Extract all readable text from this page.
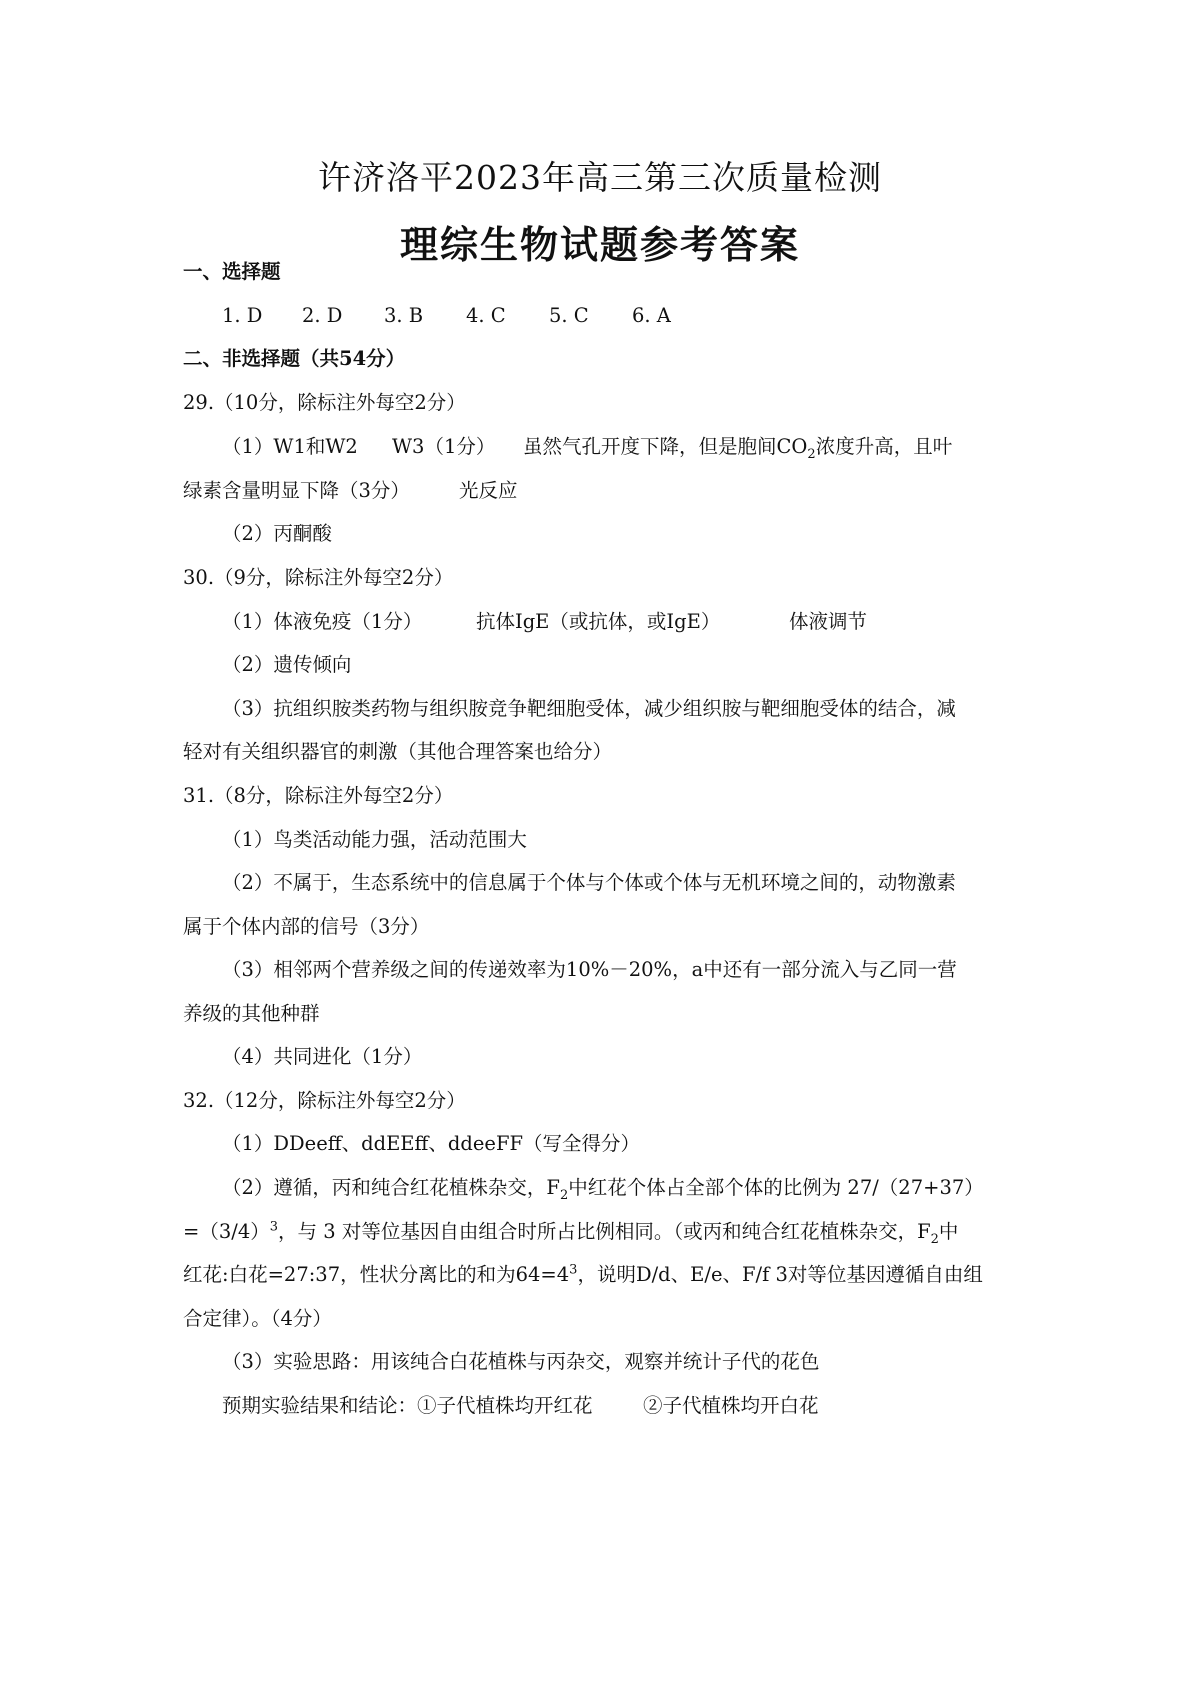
许济洛平2023年高三第三次质量检测
理综生物试题参考答案
一、选择题
1. D 2. D 3. B 4. C 5. C 6. A
二、非选择题（共54分）
29.（10分，除标注外每空2分）
（1）W1和W2 W3（1分） 虽然气孔开度下降，但是胞间$CO_2$浓度升高，且叶
绿素含量明显下降（3分）	光反应
（2）丙酮酸
30.（9分，除标注外每空2分）
（1）体液免疫（1分）	抗体IgE（或抗体，或IgE）	体液调节
（2）遗传倾向
（3）抗组织胺类药物与组织胺竞争靶细胞受体，减少组织胺与靶细胞受体的结合，减
轻对有关组织器官的刺激（其他合理答案也给分）
31.（8分，除标注外每空2分）
（1）鸟类活动能力强，活动范围大
（2）不属于，生态系统中的信息属于个体与个体或个体与无机环境之间的，动物激素
属于个体内部的信号（3分）
（3）相邻两个营养级之间的传递效率为10%－20%，a中还有一部分流入与乙同一营
养级的其他种群
（4）共同进化（1分）
32.（12分，除标注外每空2分）
（1）DDeeff、ddEEff、ddeeFF（写全得分）
（2）遵循，丙和纯合红花植株杂交，$F_2$中红花个体占全部个体的比例为 27/（27+37）
$=(3/4)^3$，与 3 对等位基因自由组合时所占比例相同。（或丙和纯合红花植株杂交，$F_2$中
红花:白花=27:37，性状分离比的和为$64=4^3$，说明D/d、E/e、F/f 3对等位基因遵循自由组
合定律）。（4分）
（3）实验思路：用该纯合白花植株与丙杂交，观察并统计子代的花色
预期实验结果和结论：①子代植株均开红花	②子代植株均开白花
